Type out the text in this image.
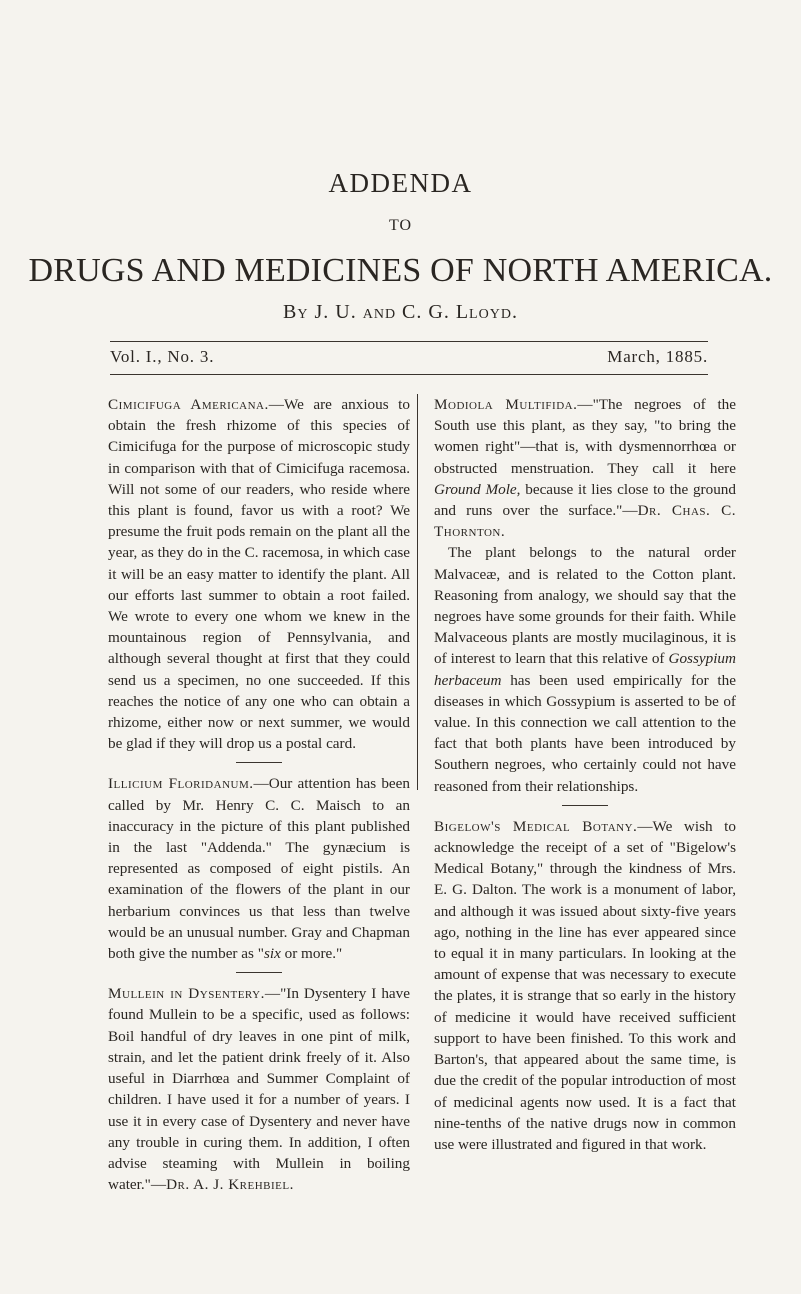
ADDENDA
TO
DRUGS AND MEDICINES OF NORTH AMERICA.
By J. U. and C. G. Lloyd.
Vol. I., No. 3.	March, 1885.

Cimicifuga Americana.—We are anxious to obtain the fresh rhizome of this species of Cimicifuga for the purpose of microscopic study in comparison with that of Cimicifuga racemosa. Will not some of our readers, who reside where this plant is found, favor us with a root? We presume the fruit pods remain on the plant all the year, as they do in the C. racemosa, in which case it will be an easy matter to identify the plant. All our efforts last summer to obtain a root failed. We wrote to every one whom we knew in the mountainous region of Pennsylvania, and although several thought at first that they could send us a specimen, no one succeeded. If this reaches the notice of any one who can obtain a rhizome, either now or next summer, we would be glad if they will drop us a postal card.

Illicium Floridanum.—Our attention has been called by Mr. Henry C. C. Maisch to an inaccuracy in the picture of this plant published in the last "Addenda." The gynæcium is represented as composed of eight pistils. An examination of the flowers of the plant in our herbarium convinces us that less than twelve would be an unusual number. Gray and Chapman both give the number as "six or more."

Mullein in Dysentery.—"In Dysentery I have found Mullein to be a specific, used as follows: Boil handful of dry leaves in one pint of milk, strain, and let the patient drink freely of it. Also useful in Diarrhœa and Summer Complaint of children. I have used it for a number of years. I use it in every case of Dysentery and never have any trouble in curing them. In addition, I often advise steaming with Mullein in boiling water."—Dr. A. J. Krehbiel.

Modiola Multifida.—"The negroes of the South use this plant, as they say, "to bring the women right"—that is, with dysmennorrhœa or obstructed menstruation. They call it here Ground Mole, because it lies close to the ground and runs over the surface."—Dr. Chas. C. Thornton.

The plant belongs to the natural order Malvaceæ, and is related to the Cotton plant. Reasoning from analogy, we should say that the negroes have some grounds for their faith. While Malvaceous plants are mostly mucilaginous, it is of interest to learn that this relative of Gossypium herbaceum has been used empirically for the diseases in which Gossypium is asserted to be of value. In this connection we call attention to the fact that both plants have been introduced by Southern negroes, who certainly could not have reasoned from their relationships.

Bigelow's Medical Botany.—We wish to acknowledge the receipt of a set of "Bigelow's Medical Botany," through the kindness of Mrs. E. G. Dalton. The work is a monument of labor, and although it was issued about sixty-five years ago, nothing in the line has ever appeared since to equal it in many particulars. In looking at the amount of expense that was necessary to execute the plates, it is strange that so early in the history of medicine it would have received sufficient support to have been finished. To this work and Barton's, that appeared about the same time, is due the credit of the popular introduction of most of medicinal agents now used. It is a fact that nine-tenths of the native drugs now in common use were illustrated and figured in that work.
